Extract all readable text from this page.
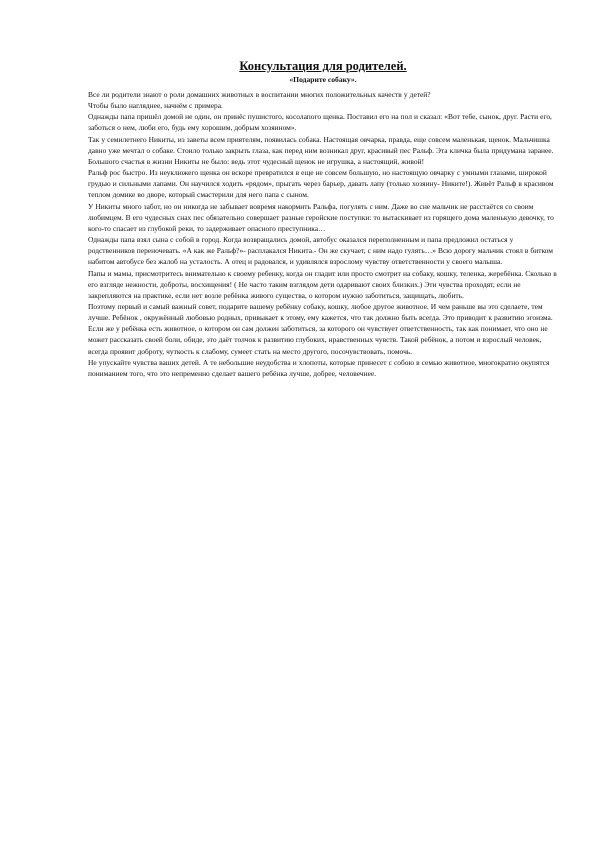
Консультация для родителей.
«Подарите собаку».

Все ли родители знают о роли домашних животных в воспитании многих положительных качеств у детей?

Чтобы было нагляднее, начнём с примера.

Однажды папа пришёл домой не один, он принёс пушистого, косолапого щенка. Поставил его на пол и сказал: «Вот тебе, сынок, друг. Расти его, заботься о нем, люби его, будь ему хорошим, добрым хозяином».

Так у семилетнего Никиты, из заветы всем приятелям, появилась собака. Настоящая овчарка, правда, еще совсем маленькая, щенок. Мальчишка давно уже мечтал о собаке. Стоило только закрыть глаза, как перед ним возникал друг, красивый пес Ральф. Эта кличка была придумана заранее.

Большого счастья в жизни Никиты не было: ведь этот чудесный щенок не игрушка, а настоящий, живой!

Ральф рос быстро. Из неуклюжего щенка он вскоре превратился в еще не совсем большую, но настоящую овчарку с умными глазами, широкой грудью и сильными лапами. Он научился ходить «рядом», прыгать через барьер, давать лапу (только хозяину- Никите!). Живёт Ральф в красивом теплом домике во дворе, который смастерили для него папа с сыном.

У Никиты много забот, но он никогда не забывает вовремя накормить Ральфа, погулять с ним. Даже во сне мальчик не расстаётся со своим любимцем. В его чудесных снах пес обязательно совершает разные геройские поступки: то вытаскивает из горящего дома маленькую девочку, то кого-то спасает из глубокой реки, то задерживает опасного преступника…

Однажды папа взял сына с собой в город. Когда возвращались домой, автобус оказался переполненным и папа предложил остаться у родственников переночевать. «А как же Ральф?»- расплакался Никита.- Он же скучает, с ним надо гулять…» Всю дорогу мальчик стоял в битком набитом автобусе без жалоб на усталость. А отец и радовался, и удивлялся взрослому чувству ответственности у своего малыша.

Папы и мамы, присмотритесь внимательно к своему ребенку, когда он гладит или просто смотрит на собаку, кошку, теленка, жеребёнка. Сколько в его взгляде нежности, доброты, восхищения! ( Не часто таким взглядом дети одаривают своих близких.) Эти чувства проходят, если не закрепляются на практике, если нет возле ребёнка живого существа, о котором нужно заботиться, защищать, любить.

Поэтому первый и самый важный совет, подарите вашему ребёнку собаку, кошку, любое другое животное. И чем раньше вы это сделаете, тем лучше. Ребёнок , окружённый любовью родных, привыкает к этому, ему кажется, что так должно быть всегда. Это приводит к развитию эгоизма. Если же у ребёнка есть животное, о котором он сам должен заботиться, за которого он чувствует ответственность, так как понимает, что оно не может рассказать своей боли, обиде, это даёт толчок к развитию глубоких, нравственных чувств. Такой ребёнок, а потом и взрослый человек, всегда проявит доброту, чуткость к слабому, сумеет стать на место другого, посочувствовать, помочь.

Не упускайте чувства ваших детей. А те небольшие неудобства и хлопоты, которые принесет с собою в семью животное, многократно окупятся пониманием того, что это непременно сделает вашего ребёнка лучше, добрее, человечнее.
